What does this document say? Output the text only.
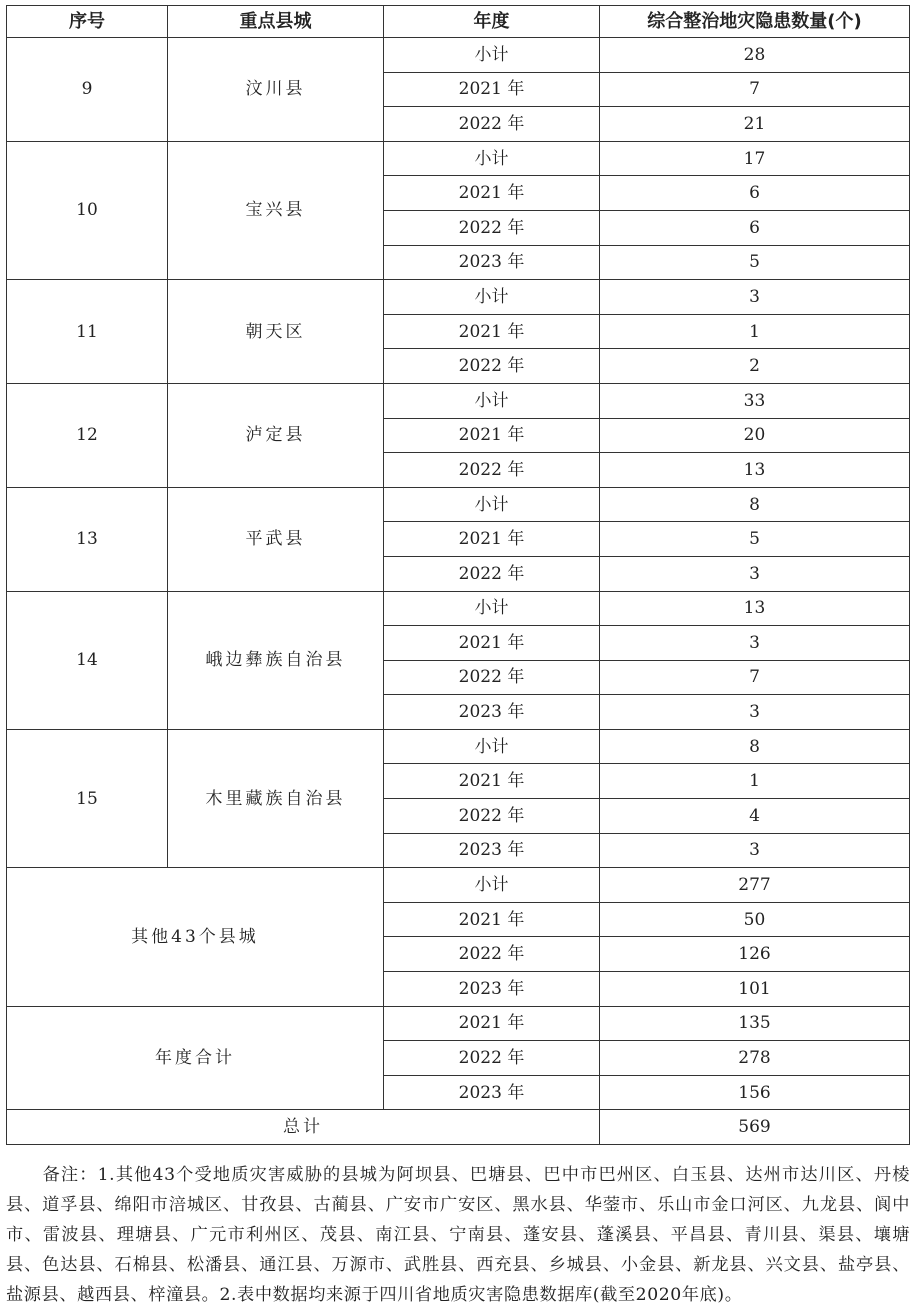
序号	重点县城	年度	综合整治地灾隐患数量(个)
9	汶川县	小计	28
		2021 年	7
		2022 年	21
10	宝兴县	小计	17
		2021 年	6
		2022 年	6
		2023 年	5
11	朝天区	小计	3
		2021 年	1
		2022 年	2
12	泸定县	小计	33
		2021 年	20
		2022 年	13
13	平武县	小计	8
		2021 年	5
		2022 年	3
14	峨边彝族自治县	小计	13
		2021 年	3
		2022 年	7
		2023 年	3
15	木里藏族自治县	小计	8
		2021 年	1
		2022 年	4
		2023 年	3
其他43个县城		小计	277
		2021 年	50
		2022 年	126
		2023 年	101
年度合计		2021 年	135
		2022 年	278
		2023 年	156
总计			569
备注：1.其他43个受地质灾害威胁的县城为阿坝县、巴塘县、巴中市巴州区、白玉县、达州市达川区、丹棱县、道孚县、绵阳市涪城区、甘孜县、古蔺县、广安市广安区、黑水县、华蓥市、乐山市金口河区、九龙县、阆中市、雷波县、理塘县、广元市利州区、茂县、南江县、宁南县、蓬安县、蓬溪县、平昌县、青川县、渠县、壤塘县、色达县、石棉县、松潘县、通江县、万源市、武胜县、西充县、乡城县、小金县、新龙县、兴文县、盐亭县、盐源县、越西县、梓潼县。2.表中数据均来源于四川省地质灾害隐患数据库(截至2020年底)。
